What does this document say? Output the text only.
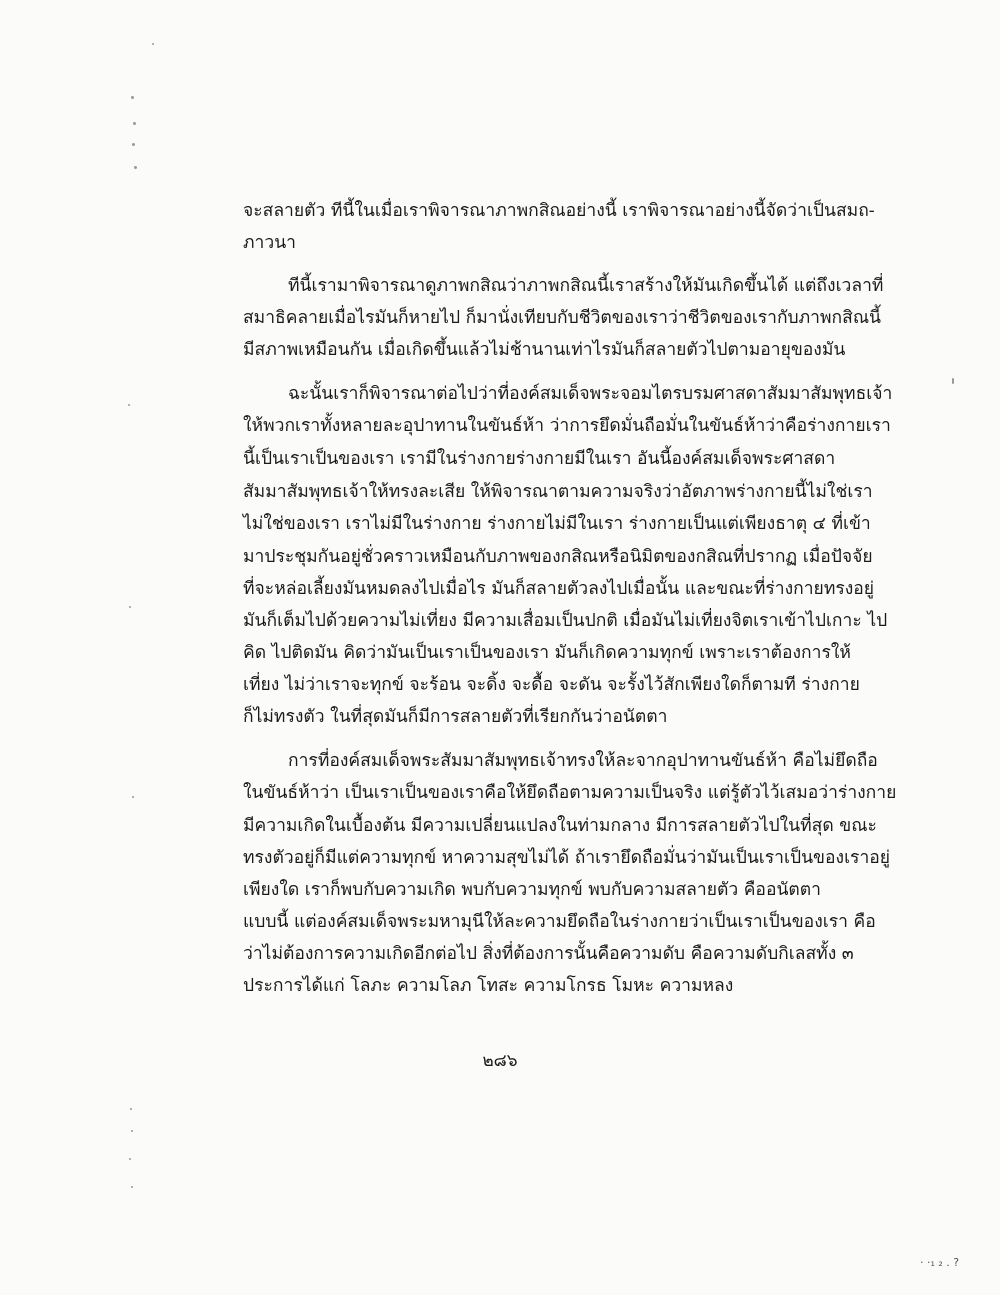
จะสลายตัว ทีนี้ในเมื่อเราพิจารณาภาพกสิณอย่างนี้ เราพิจารณาอย่างนี้จัดว่าเป็นสมถ-
ภาวนา
ทีนี้เรามาพิจารณาดูภาพกสิณว่าภาพกสิณนี้เราสร้างให้มันเกิดขึ้นได้ แต่ถึงเวลาที่
สมาธิคลายเมื่อไรมันก็หายไป ก็มานั่งเทียบกับชีวิตของเราว่าชีวิตของเรากับภาพกสิณนี้
มีสภาพเหมือนกัน เมื่อเกิดขึ้นแล้วไม่ช้านานเท่าไรมันก็สลายตัวไปตามอายุของมัน
ฉะนั้นเราก็พิจารณาต่อไปว่าที่องค์สมเด็จพระจอมไตรบรมศาสดาสัมมาสัมพุทธเจ้า
ให้พวกเราทั้งหลายละอุปาทานในขันธ์ห้า ว่าการยึดมั่นถือมั่นในขันธ์ห้าว่าคือร่างกายเรา
นี้เป็นเราเป็นของเรา เรามีในร่างกายร่างกายมีในเรา อันนี้องค์สมเด็จพระศาสดา
สัมมาสัมพุทธเจ้าให้ทรงละเสีย ให้พิจารณาตามความจริงว่าอัตภาพร่างกายนี้ไม่ใช่เรา
ไม่ใช่ของเรา เราไม่มีในร่างกาย ร่างกายไม่มีในเรา ร่างกายเป็นแต่เพียงธาตุ ๔ ที่เข้า
มาประชุมกันอยู่ชั่วคราวเหมือนกับภาพของกสิณหรือนิมิตของกสิณที่ปรากฏ เมื่อปัจจัย
ที่จะหล่อเลี้ยงมันหมดลงไปเมื่อไร มันก็สลายตัวลงไปเมื่อนั้น และขณะที่ร่างกายทรงอยู่
มันก็เต็มไปด้วยความไม่เที่ยง มีความเสื่อมเป็นปกติ เมื่อมันไม่เที่ยงจิตเราเข้าไปเกาะ ไป
คิด ไปติดมัน คิดว่ามันเป็นเราเป็นของเรา มันก็เกิดความทุกข์ เพราะเราต้องการให้
เที่ยง ไม่ว่าเราจะทุกข์ จะร้อน จะดิ้ง จะดื้อ จะดัน จะรั้งไว้สักเพียงใดก็ตามที ร่างกาย
ก็ไม่ทรงตัว ในที่สุดมันก็มีการสลายตัวที่เรียกกันว่าอนัตตา
การที่องค์สมเด็จพระสัมมาสัมพุทธเจ้าทรงให้ละจากอุปาทานขันธ์ห้า คือไม่ยึดถือ
ในขันธ์ห้าว่า เป็นเราเป็นของเราคือให้ยึดถือตามความเป็นจริง แต่รู้ตัวไว้เสมอว่าร่างกาย
มีความเกิดในเบื้องต้น มีความเปลี่ยนแปลงในท่ามกลาง มีการสลายตัวไปในที่สุด ขณะ
ทรงตัวอยู่ก็มีแต่ความทุกข์ หาความสุขไม่ได้ ถ้าเรายึดถือมั่นว่ามันเป็นเราเป็นของเราอยู่
เพียงใด เราก็พบกับความเกิด พบกับความทุกข์ พบกับความสลายตัว คืออนัตตา
แบบนี้ แต่องค์สมเด็จพระมหามุนีให้ละความยึดถือในร่างกายว่าเป็นเราเป็นของเรา คือ
ว่าไม่ต้องการความเกิดอีกต่อไป สิ่งที่ต้องการนั้นคือความดับ คือความดับกิเลสทั้ง ๓
ประการได้แก่ โลภะ ความโลภ โทสะ ความโกรธ โมหะ ความหลง
๒๘๖
· ·₁ ₂ . ?
